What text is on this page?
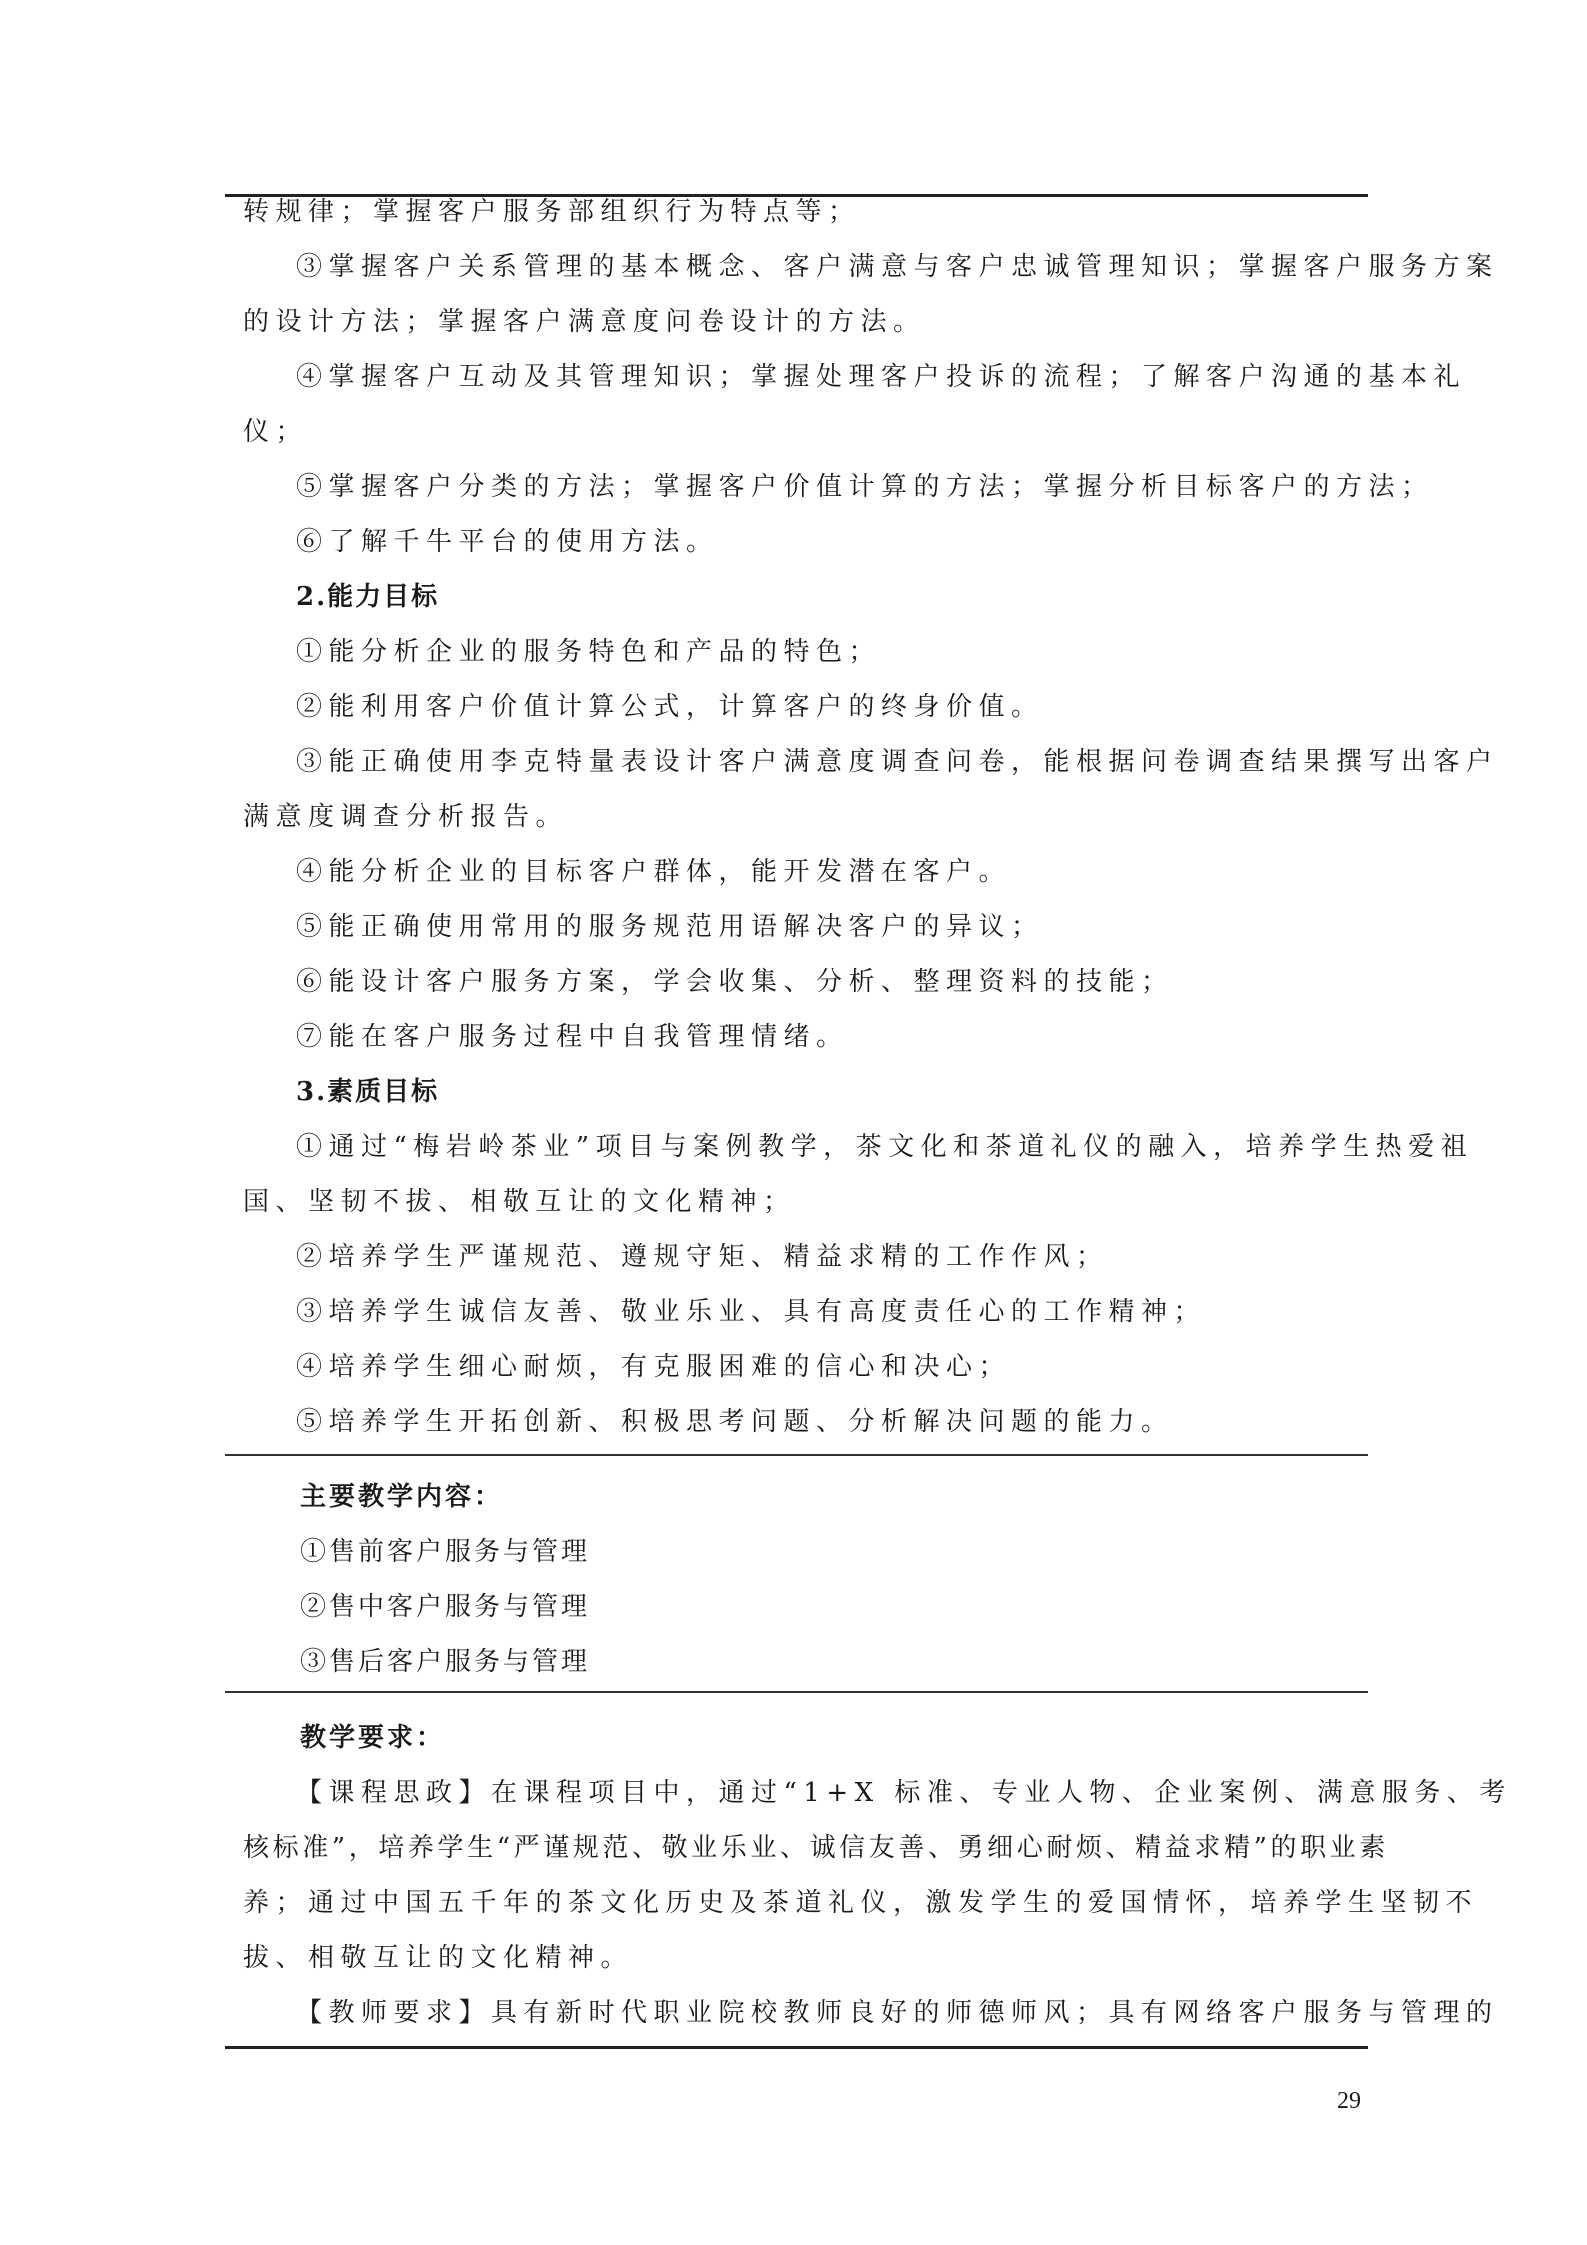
转规律；掌握客户服务部组织行为特点等；
③掌握客户关系管理的基本概念、客户满意与客户忠诚管理知识；掌握客户服务方案
的设计方法；掌握客户满意度问卷设计的方法。
④掌握客户互动及其管理知识；掌握处理客户投诉的流程；了解客户沟通的基本礼
仪；
⑤掌握客户分类的方法；掌握客户价值计算的方法；掌握分析目标客户的方法；
⑥了解千牛平台的使用方法。
2.能力目标
①能分析企业的服务特色和产品的特色；
②能利用客户价值计算公式，计算客户的终身价值。
③能正确使用李克特量表设计客户满意度调查问卷，能根据问卷调查结果撰写出客户
满意度调查分析报告。
④能分析企业的目标客户群体，能开发潜在客户。
⑤能正确使用常用的服务规范用语解决客户的异议；
⑥能设计客户服务方案，学会收集、分析、整理资料的技能；
⑦能在客户服务过程中自我管理情绪。
3.素质目标
①通过“梅岩岭茶业”项目与案例教学，茶文化和茶道礼仪的融入，培养学生热爱祖
国、坚韧不拔、相敬互让的文化精神；
②培养学生严谨规范、遵规守矩、精益求精的工作作风；
③培养学生诚信友善、敬业乐业、具有高度责任心的工作精神；
④培养学生细心耐烦，有克服困难的信心和决心；
⑤培养学生开拓创新、积极思考问题、分析解决问题的能力。
主要教学内容：
①售前客户服务与管理
②售中客户服务与管理
③售后客户服务与管理
教学要求：
【课程思政】在课程项目中，通过“1+X 标准、专业人物、企业案例、满意服务、考
核标准”，培养学生“严谨规范、敬业乐业、诚信友善、勇细心耐烦、精益求精”的职业素
养；通过中国五千年的茶文化历史及茶道礼仪，激发学生的爱国情怀，培养学生坚韧不
拔、相敬互让的文化精神。
【教师要求】具有新时代职业院校教师良好的师德师风；具有网络客户服务与管理的
29
